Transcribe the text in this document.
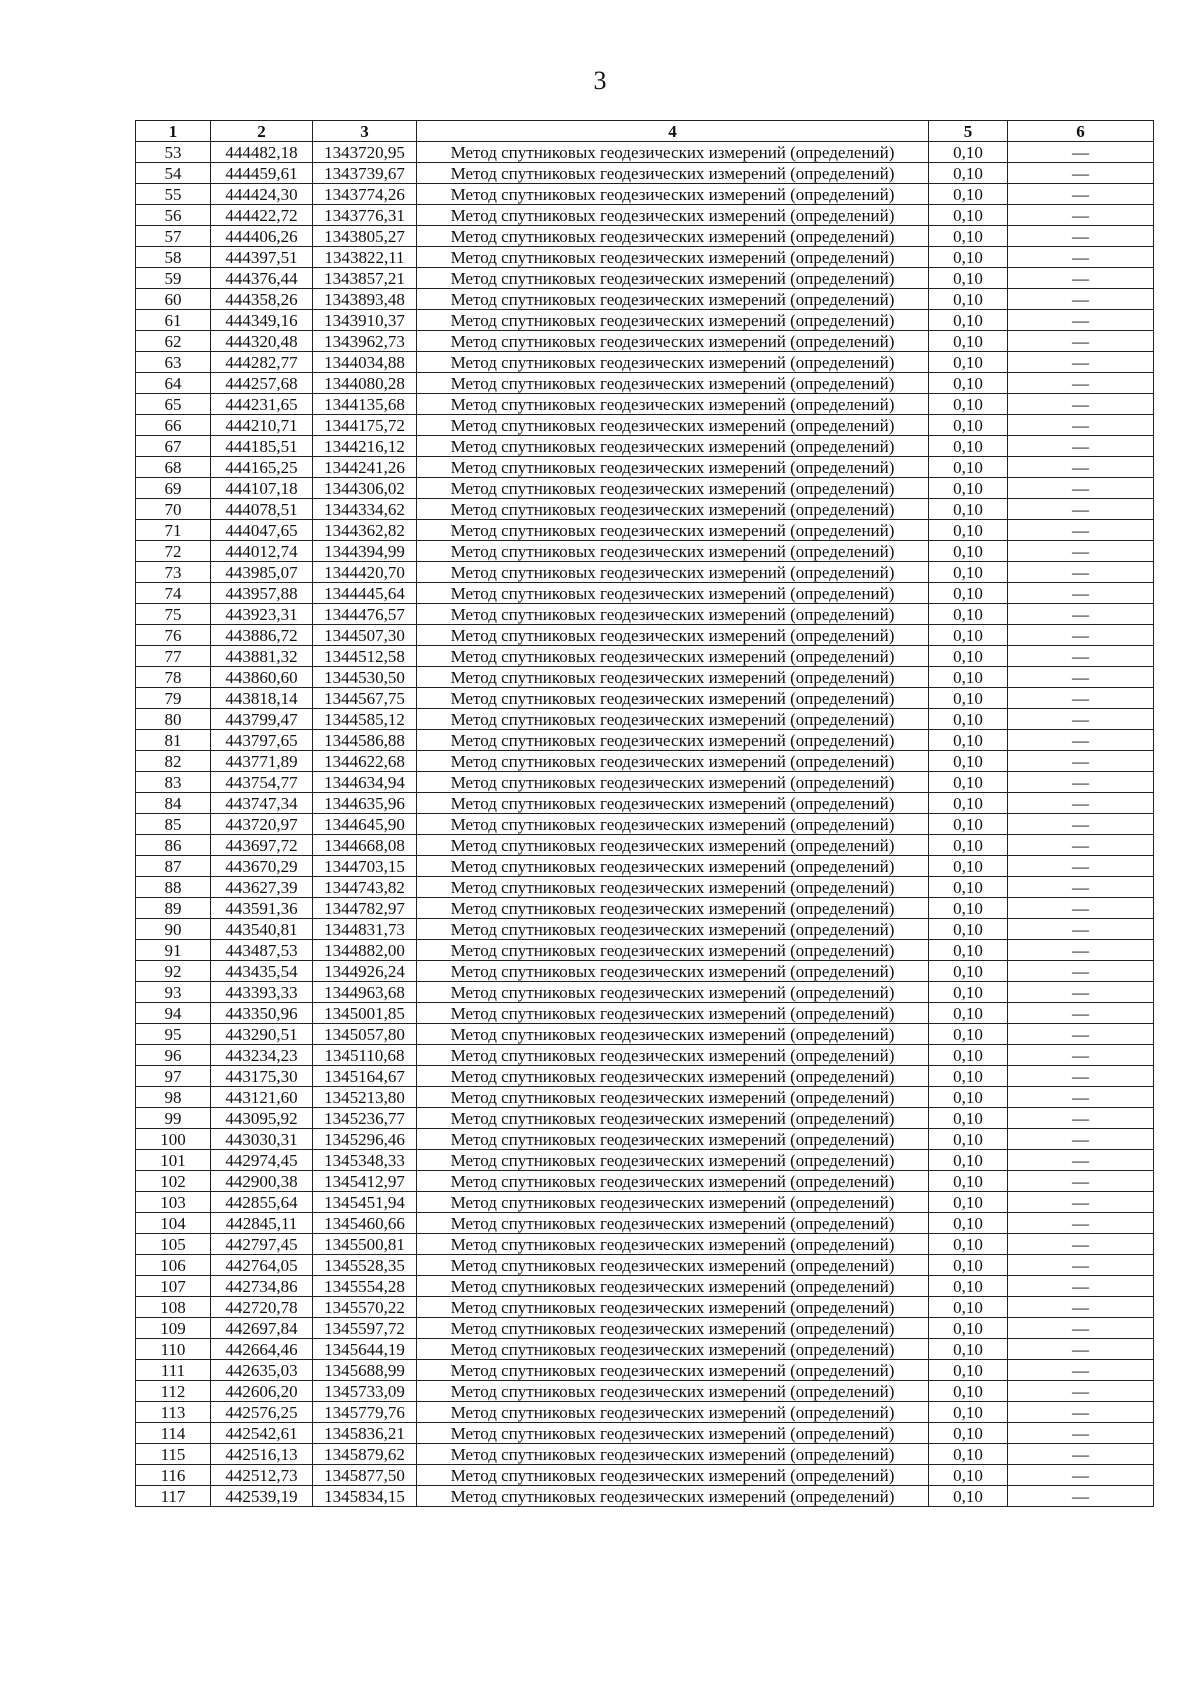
3
1	2	3	4	5	6
53	444482,18	1343720,95	Метод спутниковых геодезических измерений (определений)	0,10	—
54	444459,61	1343739,67	Метод спутниковых геодезических измерений (определений)	0,10	—
55	444424,30	1343774,26	Метод спутниковых геодезических измерений (определений)	0,10	—
56	444422,72	1343776,31	Метод спутниковых геодезических измерений (определений)	0,10	—
57	444406,26	1343805,27	Метод спутниковых геодезических измерений (определений)	0,10	—
58	444397,51	1343822,11	Метод спутниковых геодезических измерений (определений)	0,10	—
59	444376,44	1343857,21	Метод спутниковых геодезических измерений (определений)	0,10	—
60	444358,26	1343893,48	Метод спутниковых геодезических измерений (определений)	0,10	—
61	444349,16	1343910,37	Метод спутниковых геодезических измерений (определений)	0,10	—
62	444320,48	1343962,73	Метод спутниковых геодезических измерений (определений)	0,10	—
63	444282,77	1344034,88	Метод спутниковых геодезических измерений (определений)	0,10	—
64	444257,68	1344080,28	Метод спутниковых геодезических измерений (определений)	0,10	—
65	444231,65	1344135,68	Метод спутниковых геодезических измерений (определений)	0,10	—
66	444210,71	1344175,72	Метод спутниковых геодезических измерений (определений)	0,10	—
67	444185,51	1344216,12	Метод спутниковых геодезических измерений (определений)	0,10	—
68	444165,25	1344241,26	Метод спутниковых геодезических измерений (определений)	0,10	—
69	444107,18	1344306,02	Метод спутниковых геодезических измерений (определений)	0,10	—
70	444078,51	1344334,62	Метод спутниковых геодезических измерений (определений)	0,10	—
71	444047,65	1344362,82	Метод спутниковых геодезических измерений (определений)	0,10	—
72	444012,74	1344394,99	Метод спутниковых геодезических измерений (определений)	0,10	—
73	443985,07	1344420,70	Метод спутниковых геодезических измерений (определений)	0,10	—
74	443957,88	1344445,64	Метод спутниковых геодезических измерений (определений)	0,10	—
75	443923,31	1344476,57	Метод спутниковых геодезических измерений (определений)	0,10	—
76	443886,72	1344507,30	Метод спутниковых геодезических измерений (определений)	0,10	—
77	443881,32	1344512,58	Метод спутниковых геодезических измерений (определений)	0,10	—
78	443860,60	1344530,50	Метод спутниковых геодезических измерений (определений)	0,10	—
79	443818,14	1344567,75	Метод спутниковых геодезических измерений (определений)	0,10	—
80	443799,47	1344585,12	Метод спутниковых геодезических измерений (определений)	0,10	—
81	443797,65	1344586,88	Метод спутниковых геодезических измерений (определений)	0,10	—
82	443771,89	1344622,68	Метод спутниковых геодезических измерений (определений)	0,10	—
83	443754,77	1344634,94	Метод спутниковых геодезических измерений (определений)	0,10	—
84	443747,34	1344635,96	Метод спутниковых геодезических измерений (определений)	0,10	—
85	443720,97	1344645,90	Метод спутниковых геодезических измерений (определений)	0,10	—
86	443697,72	1344668,08	Метод спутниковых геодезических измерений (определений)	0,10	—
87	443670,29	1344703,15	Метод спутниковых геодезических измерений (определений)	0,10	—
88	443627,39	1344743,82	Метод спутниковых геодезических измерений (определений)	0,10	—
89	443591,36	1344782,97	Метод спутниковых геодезических измерений (определений)	0,10	—
90	443540,81	1344831,73	Метод спутниковых геодезических измерений (определений)	0,10	—
91	443487,53	1344882,00	Метод спутниковых геодезических измерений (определений)	0,10	—
92	443435,54	1344926,24	Метод спутниковых геодезических измерений (определений)	0,10	—
93	443393,33	1344963,68	Метод спутниковых геодезических измерений (определений)	0,10	—
94	443350,96	1345001,85	Метод спутниковых геодезических измерений (определений)	0,10	—
95	443290,51	1345057,80	Метод спутниковых геодезических измерений (определений)	0,10	—
96	443234,23	1345110,68	Метод спутниковых геодезических измерений (определений)	0,10	—
97	443175,30	1345164,67	Метод спутниковых геодезических измерений (определений)	0,10	—
98	443121,60	1345213,80	Метод спутниковых геодезических измерений (определений)	0,10	—
99	443095,92	1345236,77	Метод спутниковых геодезических измерений (определений)	0,10	—
100	443030,31	1345296,46	Метод спутниковых геодезических измерений (определений)	0,10	—
101	442974,45	1345348,33	Метод спутниковых геодезических измерений (определений)	0,10	—
102	442900,38	1345412,97	Метод спутниковых геодезических измерений (определений)	0,10	—
103	442855,64	1345451,94	Метод спутниковых геодезических измерений (определений)	0,10	—
104	442845,11	1345460,66	Метод спутниковых геодезических измерений (определений)	0,10	—
105	442797,45	1345500,81	Метод спутниковых геодезических измерений (определений)	0,10	—
106	442764,05	1345528,35	Метод спутниковых геодезических измерений (определений)	0,10	—
107	442734,86	1345554,28	Метод спутниковых геодезических измерений (определений)	0,10	—
108	442720,78	1345570,22	Метод спутниковых геодезических измерений (определений)	0,10	—
109	442697,84	1345597,72	Метод спутниковых геодезических измерений (определений)	0,10	—
110	442664,46	1345644,19	Метод спутниковых геодезических измерений (определений)	0,10	—
111	442635,03	1345688,99	Метод спутниковых геодезических измерений (определений)	0,10	—
112	442606,20	1345733,09	Метод спутниковых геодезических измерений (определений)	0,10	—
113	442576,25	1345779,76	Метод спутниковых геодезических измерений (определений)	0,10	—
114	442542,61	1345836,21	Метод спутниковых геодезических измерений (определений)	0,10	—
115	442516,13	1345879,62	Метод спутниковых геодезических измерений (определений)	0,10	—
116	442512,73	1345877,50	Метод спутниковых геодезических измерений (определений)	0,10	—
117	442539,19	1345834,15	Метод спутниковых геодезических измерений (определений)	0,10	—
